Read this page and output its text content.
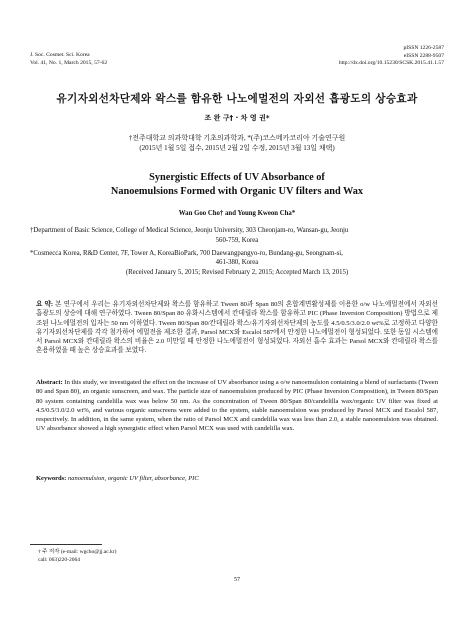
J. Soc. Cosmet. Sci. Korea
Vol. 41, No. 1, March 2015, 57-62
pISSN 1226-2587
eISSN 2288-9507
http://dx.doi.org/10.15230/SCSK.2015.41.1.57
유기자외선차단제와 왁스를 함유한 나노에멀전의 자외선 흡광도의 상승효과
조 완 구† · 차 영 권*
†전주대학교 의과학대학 기초의과학과, *(주)코스메카코리아 기술연구원
(2015년 1월 5일 접수, 2015년 2월 2일 수정, 2015년 3월 13일 채택)
Synergistic Effects of UV Absorbance of
Nanoemulsions Formed with Organic UV filters and Wax
Wan Goo Cho† and Young Kweon Cha*

†Department of Basic Science, College of Medical Science, Jeonju University, 303 Cheonjam-ro, Wansan-gu, Jeonju
560-759, Korea

*Cosmecca Korea, R&D Center, 7F, Tower A, KoreaBioPark, 700 Daewangpangyo-ro, Bundang-gu, Seongnam-si,
461-380, Korea
(Received January 5, 2015; Revised February 2, 2015; Accepted March 13, 2015)

요 약: 본 연구에서 우리는 유기자외선차단제와 왁스를 함유하고 Tween 80과 Span 80의 혼합계면활성제를 이용한 o/w 나노에멀전에서 자외선 흡광도의 상승에 대해 연구하였다. Tween 80/Span 80 유화시스템에서 칸데릴라 왁스를 함유하고 PIC (Phase Inversion Composition) 방법으로 제조된 나노에멀전의 입자는 50 nm 이하였다. Tween 80/Span 80/칸데릴라 왁스/유기자외선차단제의 농도를 4.5/0.5/3.0/2.0 wt%로 고정하고 다양한 유기자외선차단제를 각각 첨가하여 에멀전을 제조한 결과, Parsol MCX와 Escalol 587에서 안정한 나노에멀전이 형성되었다. 또한 동일 시스템에서 Parsol MCX와 칸데릴라 왁스의 비율은 2.0 미만일 때 안정한 나노에멀전이 형성되었다. 자외선 흡수 효과는 Parsol MCX와 칸데릴라 왁스를 혼용하였을 때 높은 상승효과를 보였다.

Abstract: In this study, we investigated the effect on the increase of UV absorbance using a o/w nanoemulsion containing a blend of surfactants (Tween 80 and Span 80), an organic sunscreen, and wax. The particle size of nanoemulsion produced by PIC (Phase Inversion Composition), in Tween 80/Span 80 system containing candelilla wax was below 50 nm. As the concentration of Tween 80/Span 80/candelilla wax/organic UV filter was fixed at 4.5/0.5/3.0/2.0 wt%, and various organic sunscreens were added to the system, stable nanoemulsion was produced by Parsol MCX and Escalol 587, respectively. In addition, in the same system, when the ratio of Parsol MCX and candelilla wax was less than 2.0, a stable nanoemulsion was obtained. UV absorbance showed a high synergistic effect when Parsol MCX was used with candelilla wax.

Keywords: nanoemulsion, organic UV filter, absorbance, PIC
† 주 저자 (e-mail: wgcho@jj.ac.kr)
call: 063)220-2064
57
